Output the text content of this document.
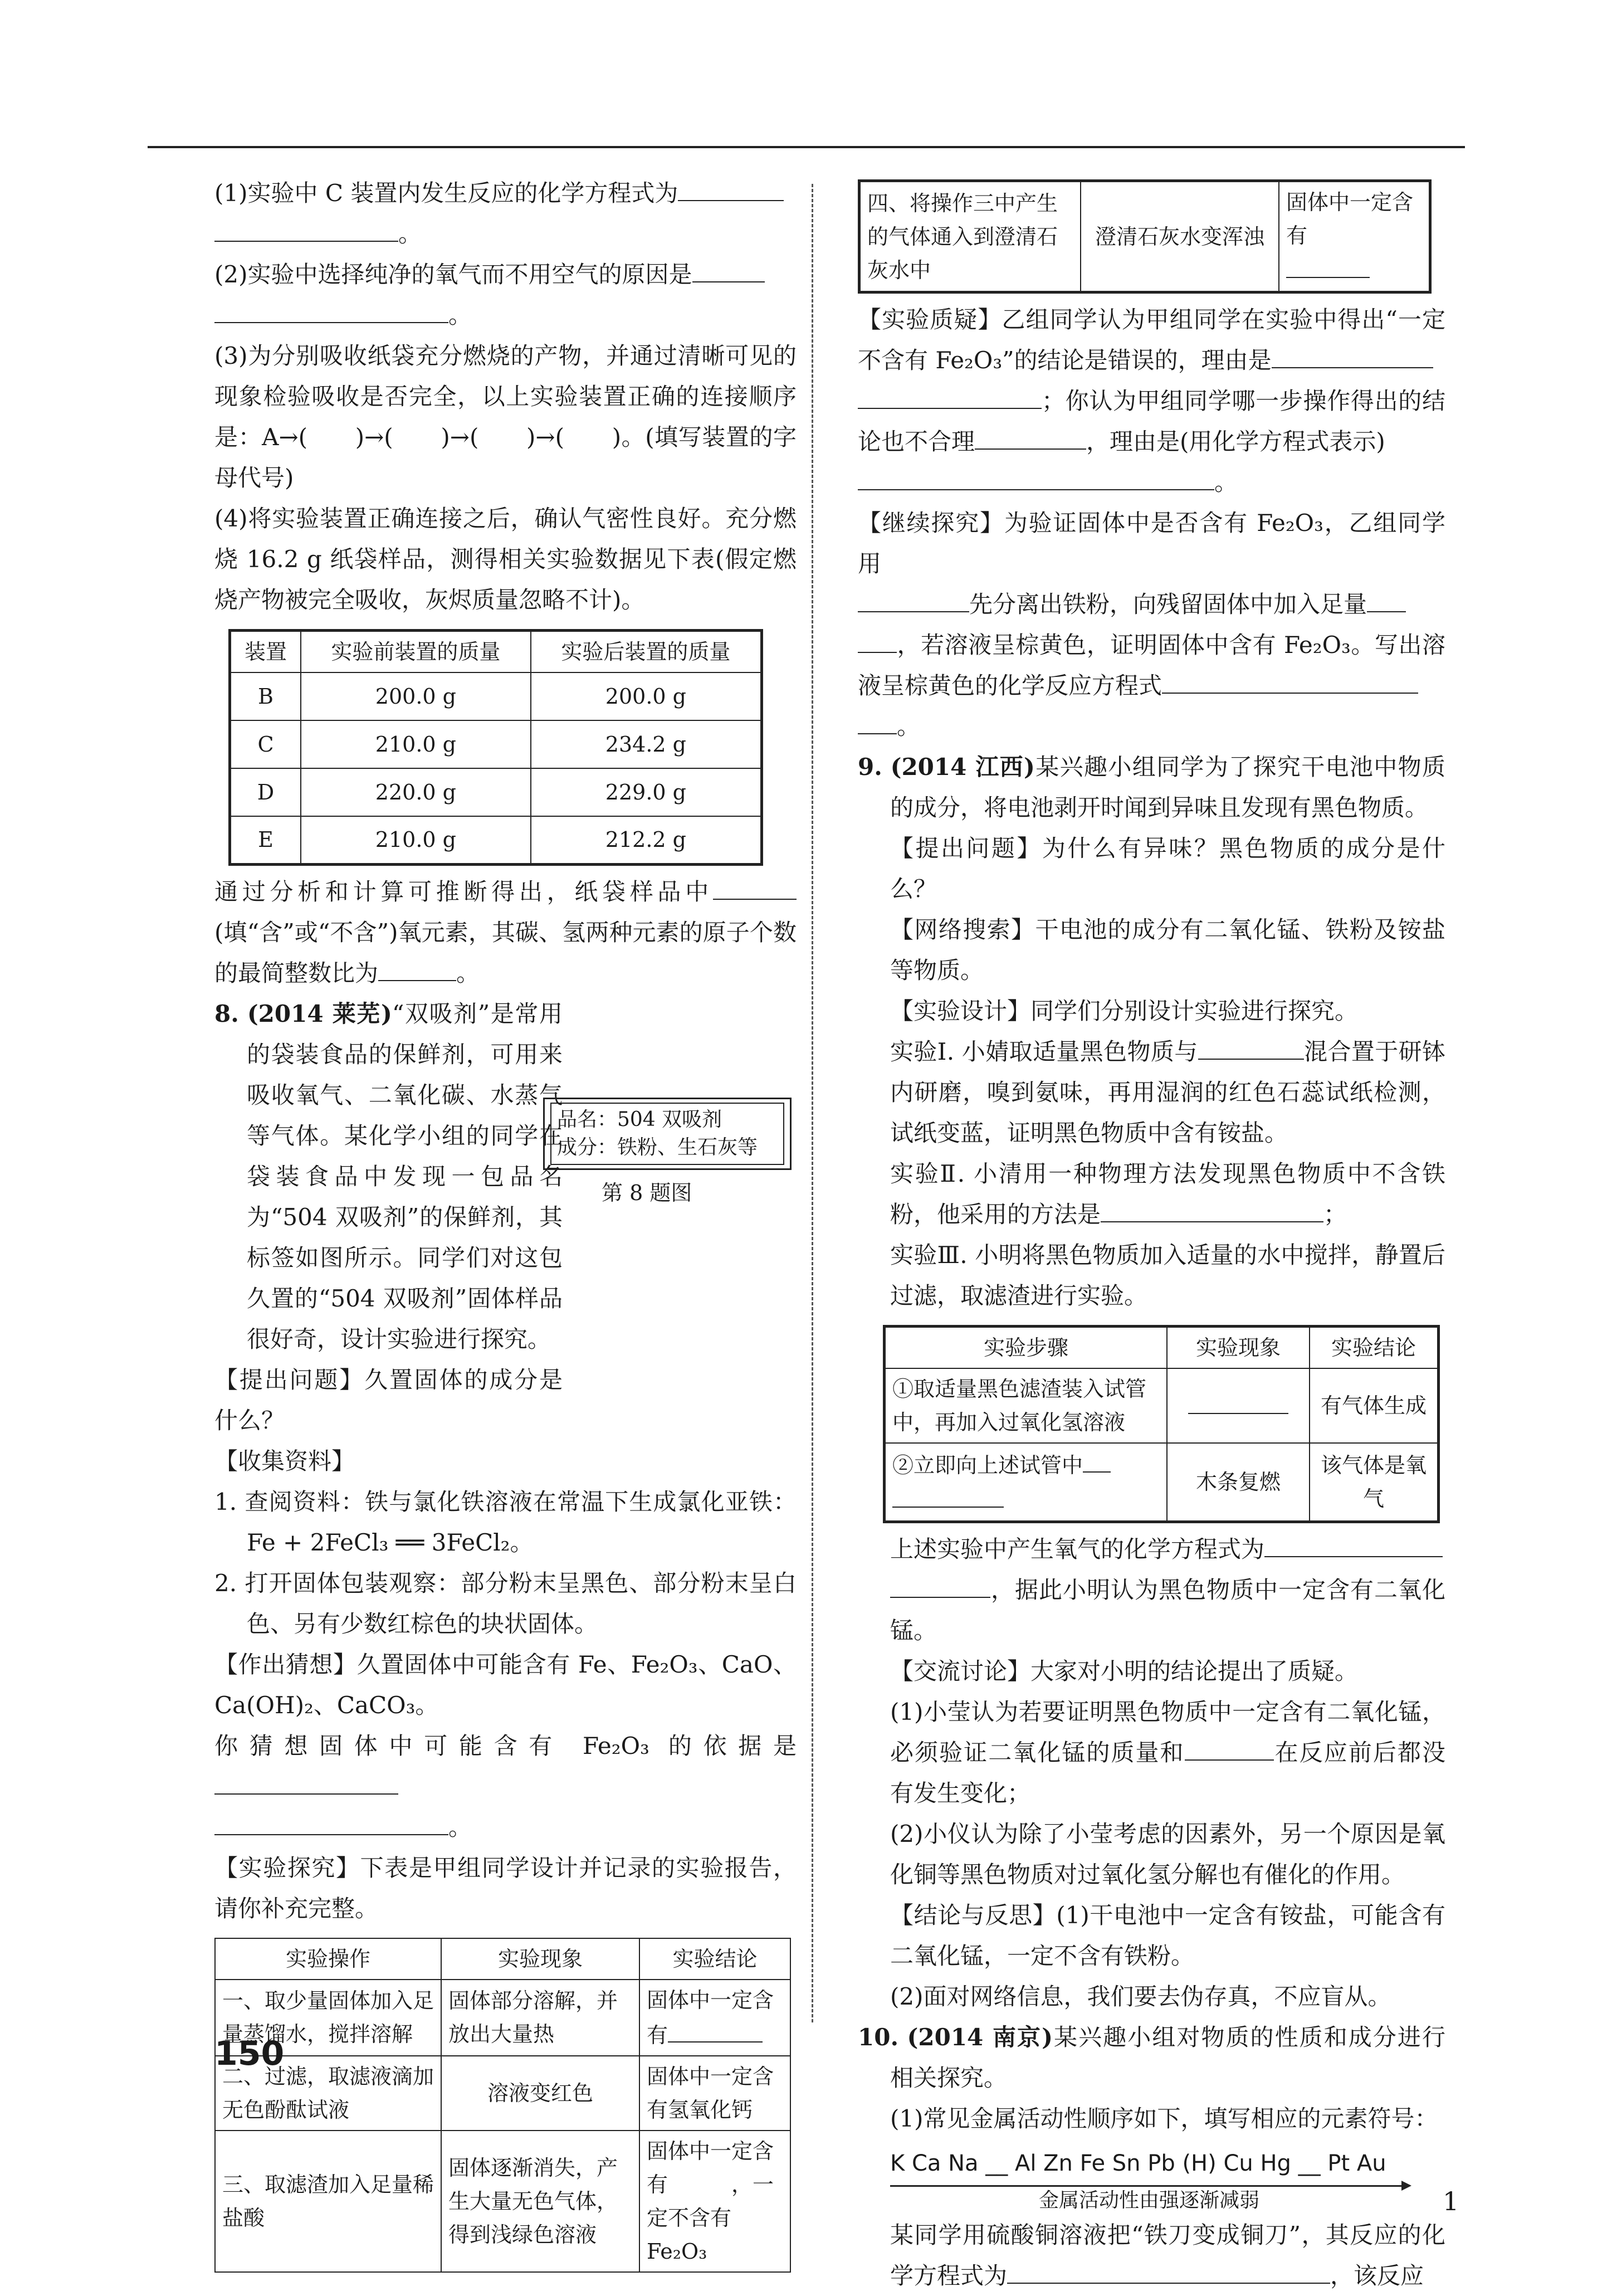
(1)实验中 C 装置内发生反应的化学方程式为
。

(2)实验中选择纯净的氧气而不用空气的原因是
。

(3)为分别吸收纸袋充分燃烧的产物，并通过清晰可见的现象检验吸收是否完全，以上实验装置正确的连接顺序是：A→(　　)→(　　)→(　　)→(　　)。(填写装置的字母代号)

(4)将实验装置正确连接之后，确认气密性良好。充分燃烧 16.2 g 纸袋样品，测得相关实验数据见下表(假定燃烧产物被完全吸收，灰烬质量忽略不计)。

装置	实验前装置的质量	实验后装置的质量
B	200.0 g	200.0 g
C	210.0 g	234.2 g
D	220.0 g	229.0 g
E	210.0 g	212.2 g

通过分析和计算可推断得出，纸袋样品中(填“含”或“不含”)氧元素，其碳、氢两种元素的原子个数的最简整数比为	。

8. (2014 莱芜)“双吸剂”是常用的袋装食品的保鲜剂，可用来吸收氧气、二氧化碳、水蒸气等气体。某化学小组的同学在袋装食品中发现一包品名为“504 双吸剂”的保鲜剂，其标签如图所示。同学们对这包久置的“504 双吸剂”固体样品很好奇，设计实验进行探究。

【提出问题】久置固体的成分是什么？

【收集资料】

1. 查阅资料：铁与氯化铁溶液在常温下生成氯化亚铁：Fe + 2FeCl₃ ══ 3FeCl₂。

2. 打开固体包装观察：部分粉末呈黑色、部分粉末呈白色、另有少数红棕色的块状固体。

【作出猜想】久置固体中可能含有 Fe、Fe₂O₃、CaO、Ca(OH)₂、CaCO₃。

你猜想固体中可能含有 Fe₂O₃ 的依据是
。

【实验探究】下表是甲组同学设计并记录的实验报告，请你补充完整。

实验操作	实验现象	实验结论
一、取少量固体加入足量蒸馏水，搅拌溶解	固体部分溶解，并放出大量热	固体中一定含有
二、过滤，取滤液滴加无色酚酞试液	溶液变红色	固体中一定含有氢氧化钙
三、取滤渣加入足量稀盐酸	固体逐渐消失，产生大量无色气体，得到浅绿色溶液	固体中一定含有　　　，一定不含有 Fe₂O₃
品名：504 双吸剂
成分：铁粉、生石灰等
第 8 题图
150
四、将操作三中产生的气体通入到澄清石灰水中	澄清石灰水变浑浊	固体中一定含有

【实验质疑】乙组同学认为甲组同学在实验中得出“一定不含有 Fe₂O₃”的结论是错误的，理由是
；你认为甲组同学哪一步操作得出的结论也不合理	，理由是(用化学方程式表示)
。

【继续探究】为验证固体中是否含有 Fe₂O₃，乙组同学用
先分离出铁粉，向残留固体中加入足量
，若溶液呈棕黄色，证明固体中含有 Fe₂O₃。写出溶液呈棕黄色的化学反应方程式
。

9. (2014 江西)某兴趣小组同学为了探究干电池中物质的成分，将电池剥开时闻到异味且发现有黑色物质。

【提出问题】为什么有异味？黑色物质的成分是什么？

【网络搜索】干电池的成分有二氧化锰、铁粉及铵盐等物质。

【实验设计】同学们分别设计实验进行探究。

实验Ⅰ. 小婧取适量黑色物质与	混合置于研钵内研磨，嗅到氨味，再用湿润的红色石蕊试纸检测，试纸变蓝，证明黑色物质中含有铵盐。

实验Ⅱ. 小清用一种物理方法发现黑色物质中不含铁粉，他采用的方法是	；

实验Ⅲ. 小明将黑色物质加入适量的水中搅拌，静置后过滤，取滤渣进行实验。

实验步骤	实验现象	实验结论
①取适量黑色滤渣装入试管中，再加入过氧化氢溶液		有气体生成
②立即向上述试管中	木条复燃	该气体是氧气

上述实验中产生氧气的化学方程式为
，据此小明认为黑色物质中一定含有二氧化锰。

【交流讨论】大家对小明的结论提出了质疑。

(1)小莹认为若要证明黑色物质中一定含有二氧化锰，必须验证二氧化锰的质量和	在反应前后都没有发生变化；

(2)小仪认为除了小莹考虑的因素外，另一个原因是氧化铜等黑色物质对过氧化氢分解也有催化的作用。

【结论与反思】(1)干电池中一定含有铵盐，可能含有二氧化锰，一定不含有铁粉。

(2)面对网络信息，我们要去伪存真，不应盲从。

10. (2014 南京)某兴趣小组对物质的性质和成分进行相关探究。

(1)常见金属活动性顺序如下，填写相应的元素符号：

K Ca Na __ Al Zn Fe Sn Pb (H) Cu Hg __ Pt Au
金属活动性由强逐渐减弱

某同学用硫酸铜溶液把“铁刀变成铜刀”，其反应的化学方程式为	，该反应

1
